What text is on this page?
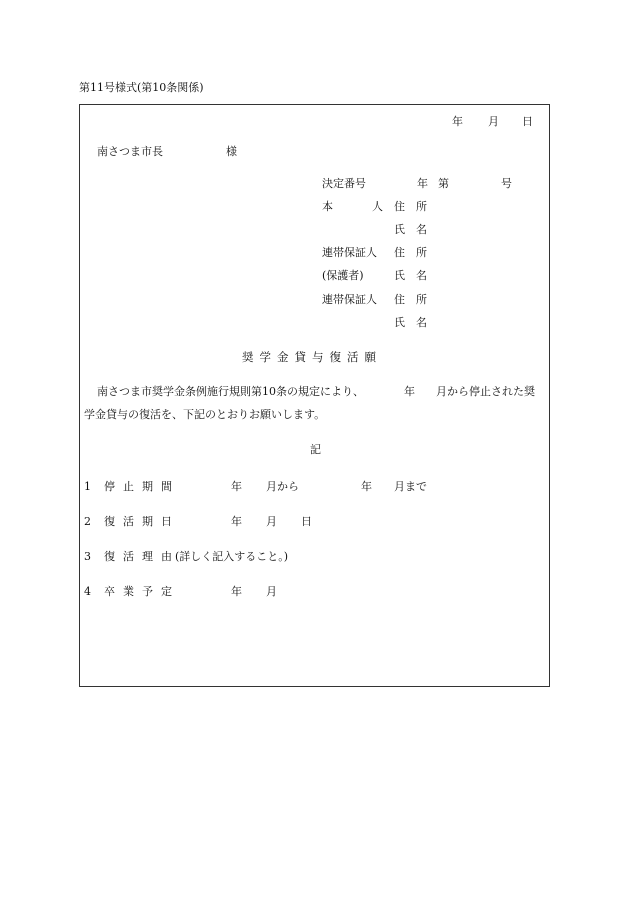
第11号様式(第10条関係)
年 月 日
南さつま市長	様
決定番号	年 第	号
本	人 住　所
氏　名
連帯保証人 住　所
(保護者)	氏　名
連帯保証人 住　所
氏　名
奨学金貸与復活願
南さつま市奨学金条例施行規則第10条の規定により、	年 月から停止された奨
学金貸与の復活を、下記のとおりお願いします。
記
1 停止期間	年 月から	年 月まで
2 復活期日	年 月 日
3 復活理由
(詳しく記入すること。)
4 卒業予定	年 月
